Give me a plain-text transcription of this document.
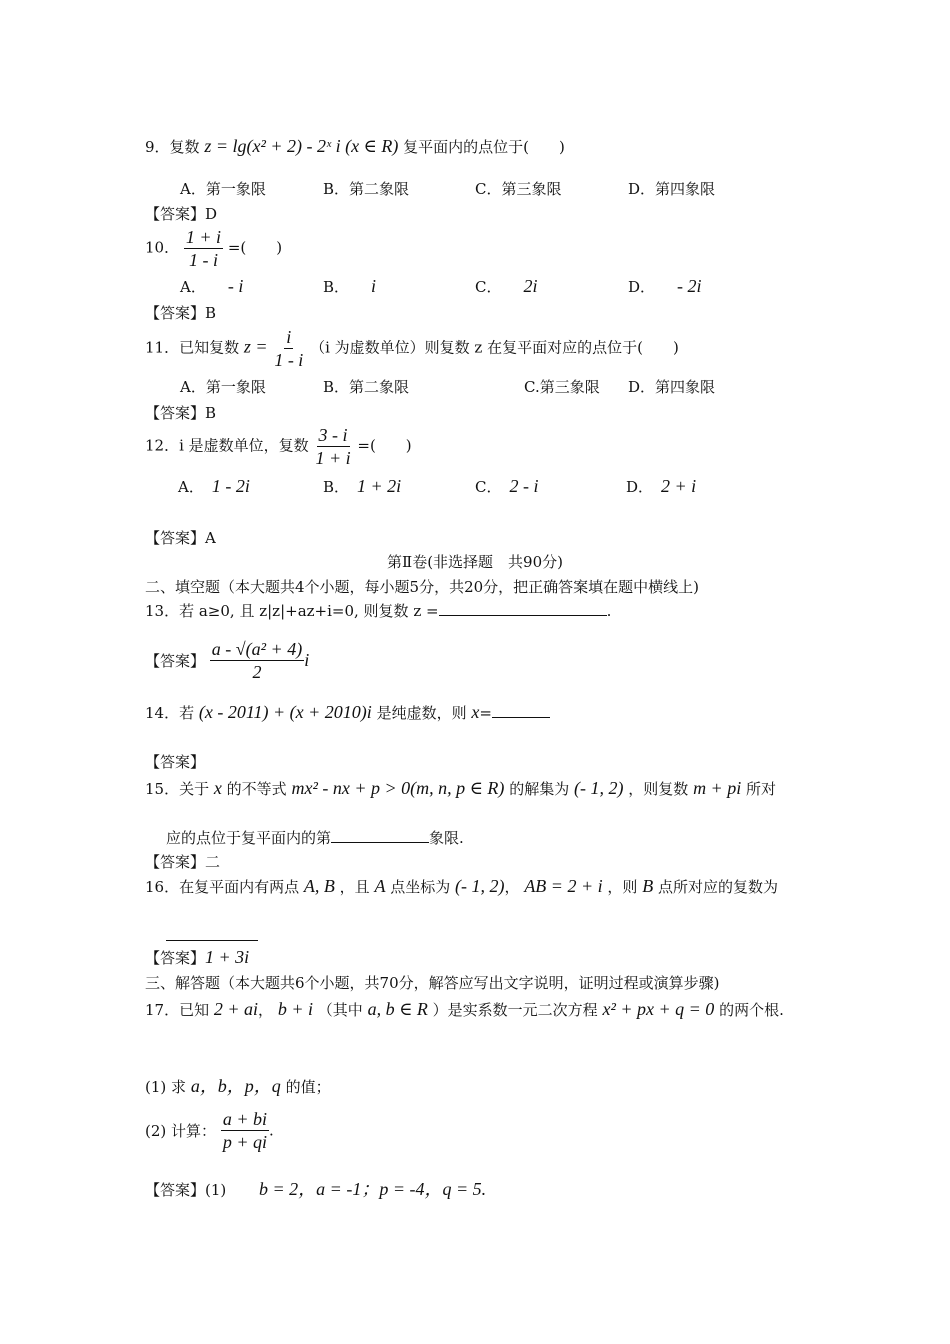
9．复数 z = lg(x² + 2) - 2ˣ i (x ∈ R) 复平面内的点位于(　　)
A．第一象限	B．第二象限	C．第三象限	D．第四象限
【答案】D
10． $\frac{1 + i}{1 - i}$ =(　　)
A． - i	B． i	C． 2i	D． - 2i
【答案】B
11．已知复数 $z = \frac{i}{1 - i} (i$ 为虚数单位）则复数 z 在复平面对应的点位于(　　)
A．第一象限	B．第二象限	C.第三象限 D．第四象限
【答案】B
12．i 是虚数单位，复数 $\frac{3 - i}{1 + i}$ =(　　)
A． 1 - 2i	B． 1 + 2i	C． 2 - i	D． 2 + i
【答案】A
第Ⅱ卷(非选择题　共90分)
二、填空题（本大题共4个小题，每小题5分，共20分，把正确答案填在题中横线上)
13．若 a≥0, 且 z|z|+az+i=0, 则复数 z =	.
【答案】 $\frac{\text{a - √(a² + 4)}}{2}$ i
14．若 (x - 2011) + (x + 2010)i 是纯虚数，则 x=
【答案】
15．关于 x 的不等式 mx² - nx + p > 0(m, n, p ∈ R) 的解集为 (- 1, 2) ，则复数 m + pi 所对
应的点位于复平面内的第	象限.
【答案】二
16．在复平面内有两点 A, B ，且 A 点坐标为 (- 1, 2)， AB = 2 + i ，则 B 点所对应的复数为
【答案】1 + 3i
三、解答题（本大题共6个小题，共70分，解答应写出文字说明，证明过程或演算步骤)
17．已知 2 + ai， b + i （其中 a, b ∈ R ）是实系数一元二次方程 x² + px + q = 0 的两个根.
(1) 求 a，b，p，q 的值；
(2) 计算： $\frac{a + bi}{p + qi}$ .
【答案】(1) b = 2，a = -1；p = -4，q = 5.
